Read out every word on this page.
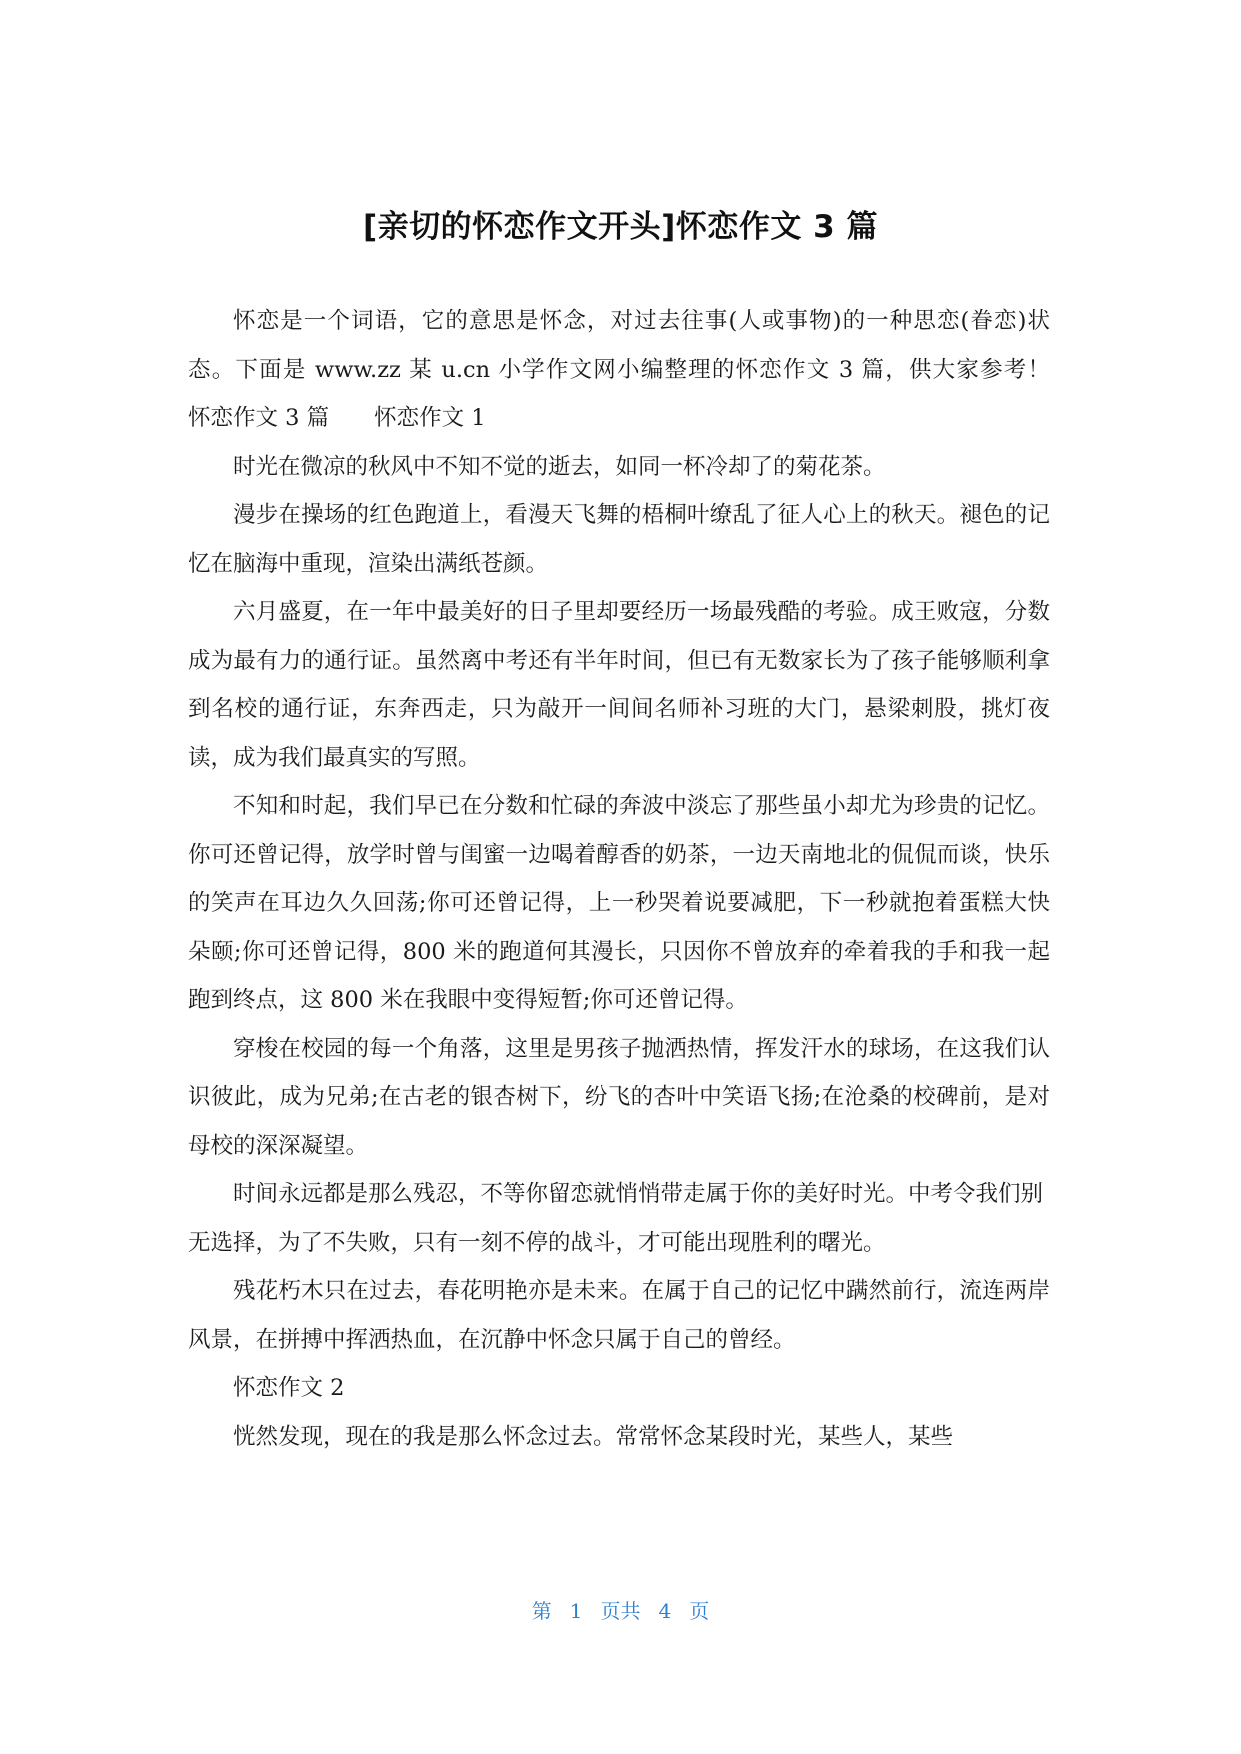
[亲切的怀恋作文开头]怀恋作文 3 篇

怀恋是一个词语，它的意思是怀念，对过去往事(人或事物)的一种思恋(眷恋)状态。下面是 www.zz 某 u.cn 小学作文网小编整理的怀恋作文 3 篇，供大家参考！　　怀恋作文 3 篇　　怀恋作文 1

时光在微凉的秋风中不知不觉的逝去，如同一杯冷却了的菊花茶。

漫步在操场的红色跑道上，看漫天飞舞的梧桐叶缭乱了征人心上的秋天。褪色的记忆在脑海中重现，渲染出满纸苍颜。

六月盛夏，在一年中最美好的日子里却要经历一场最残酷的考验。成王败寇，分数成为最有力的通行证。虽然离中考还有半年时间，但已有无数家长为了孩子能够顺利拿到名校的通行证，东奔西走，只为敲开一间间名师补习班的大门，悬梁刺股，挑灯夜读，成为我们最真实的写照。

不知和时起，我们早已在分数和忙碌的奔波中淡忘了那些虽小却尤为珍贵的记忆。你可还曾记得，放学时曾与闺蜜一边喝着醇香的奶茶，一边天南地北的侃侃而谈，快乐的笑声在耳边久久回荡;你可还曾记得，上一秒哭着说要减肥，下一秒就抱着蛋糕大快朵颐;你可还曾记得，800 米的跑道何其漫长，只因你不曾放弃的牵着我的手和我一起跑到终点，这 800 米在我眼中变得短暂;你可还曾记得。

穿梭在校园的每一个角落，这里是男孩子抛洒热情，挥发汗水的球场，在这我们认识彼此，成为兄弟;在古老的银杏树下，纷飞的杏叶中笑语飞扬;在沧桑的校碑前，是对母校的深深凝望。

时间永远都是那么残忍，不等你留恋就悄悄带走属于你的美好时光。中考令我们别无选择，为了不失败，只有一刻不停的战斗，才可能出现胜利的曙光。

残花朽木只在过去，春花明艳亦是未来。在属于自己的记忆中蹒然前行，流连两岸风景，在拼搏中挥洒热血，在沉静中怀念只属于自己的曾经。

怀恋作文 2

恍然发现，现在的我是那么怀念过去。常常怀念某段时光，某些人，某些

第 1 页共 4 页
